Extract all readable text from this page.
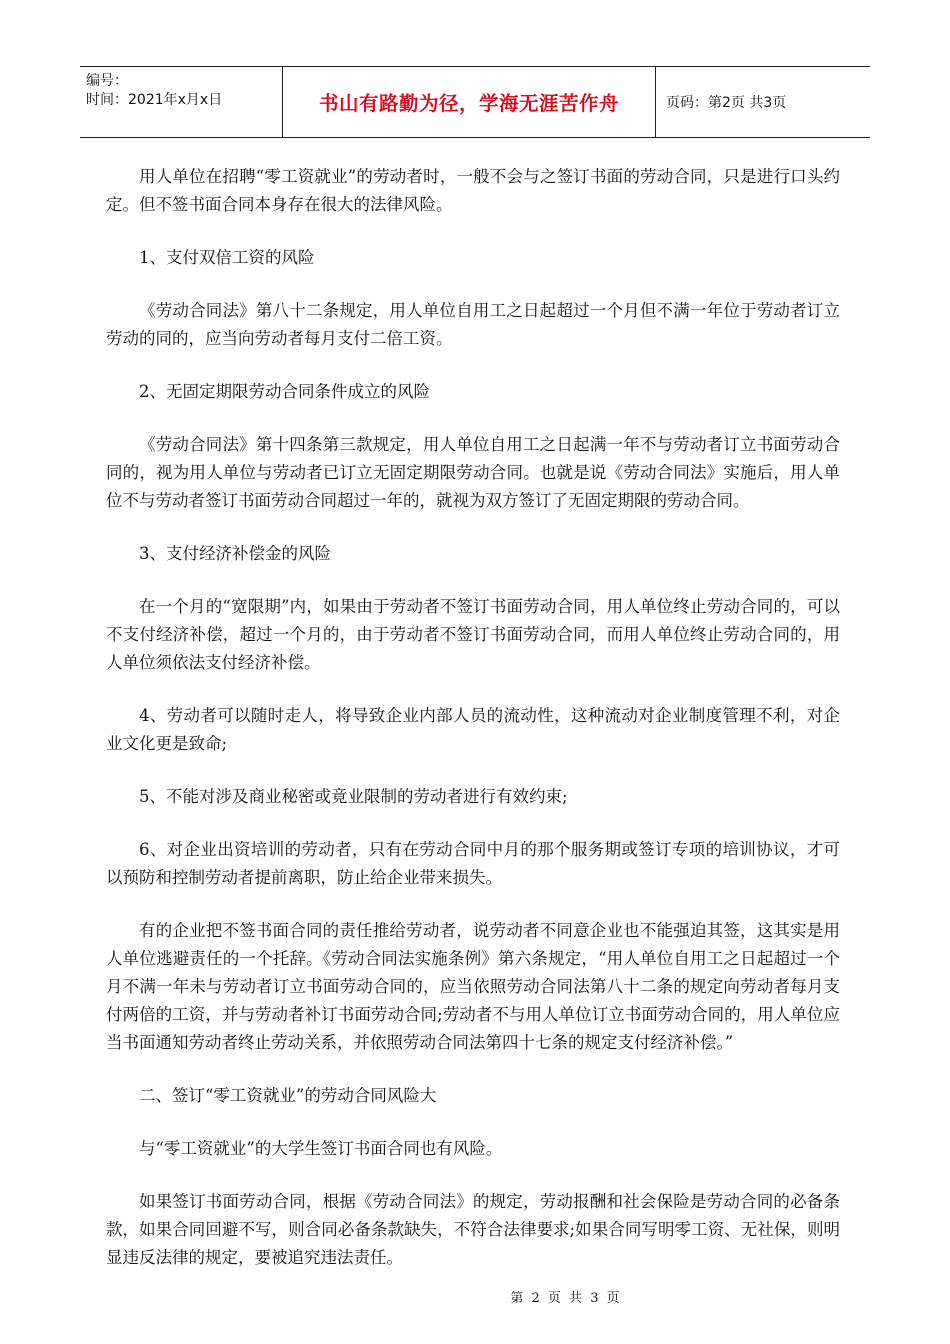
编号：
时间：2021年x月x日	书山有路勤为径，学海无涯苦作舟	页码：第2页 共3页

用人单位在招聘“零工资就业”的劳动者时，一般不会与之签订书面的劳动合同，只是进行口头约定。但不签书面合同本身存在很大的法律风险。

1、支付双倍工资的风险

《劳动合同法》第八十二条规定，用人单位自用工之日起超过一个月但不满一年位于劳动者订立劳动的同的，应当向劳动者每月支付二倍工资。

2、无固定期限劳动合同条件成立的风险

《劳动合同法》第十四条第三款规定，用人单位自用工之日起满一年不与劳动者订立书面劳动合同的，视为用人单位与劳动者已订立无固定期限劳动合同。也就是说《劳动合同法》实施后，用人单位不与劳动者签订书面劳动合同超过一年的，就视为双方签订了无固定期限的劳动合同。

3、支付经济补偿金的风险

在一个月的“宽限期”内，如果由于劳动者不签订书面劳动合同，用人单位终止劳动合同的，可以不支付经济补偿，超过一个月的，由于劳动者不签订书面劳动合同，而用人单位终止劳动合同的，用人单位须依法支付经济补偿。

4、劳动者可以随时走人，将导致企业内部人员的流动性，这种流动对企业制度管理不利，对企业文化更是致命;

5、不能对涉及商业秘密或竟业限制的劳动者进行有效约束;

6、对企业出资培训的劳动者，只有在劳动合同中月的那个服务期或签订专项的培训协议，才可以预防和控制劳动者提前离职，防止给企业带来损失。

有的企业把不签书面合同的责任推给劳动者，说劳动者不同意企业也不能强迫其签，这其实是用人单位逃避责任的一个托辞。《劳动合同法实施条例》第六条规定，“用人单位自用工之日起超过一个月不满一年未与劳动者订立书面劳动合同的，应当依照劳动合同法第八十二条的规定向劳动者每月支付两倍的工资，并与劳动者补订书面劳动合同;劳动者不与用人单位订立书面劳动合同的，用人单位应当书面通知劳动者终止劳动关系，并依照劳动合同法第四十七条的规定支付经济补偿。”

二、签订“零工资就业”的劳动合同风险大

与“零工资就业”的大学生签订书面合同也有风险。

如果签订书面劳动合同，根据《劳动合同法》的规定，劳动报酬和社会保险是劳动合同的必备条款，如果合同回避不写，则合同必备条款缺失，不符合法律要求;如果合同写明零工资、无社保，则明显违反法律的规定，要被追究违法责任。

第 2 页 共 3 页
